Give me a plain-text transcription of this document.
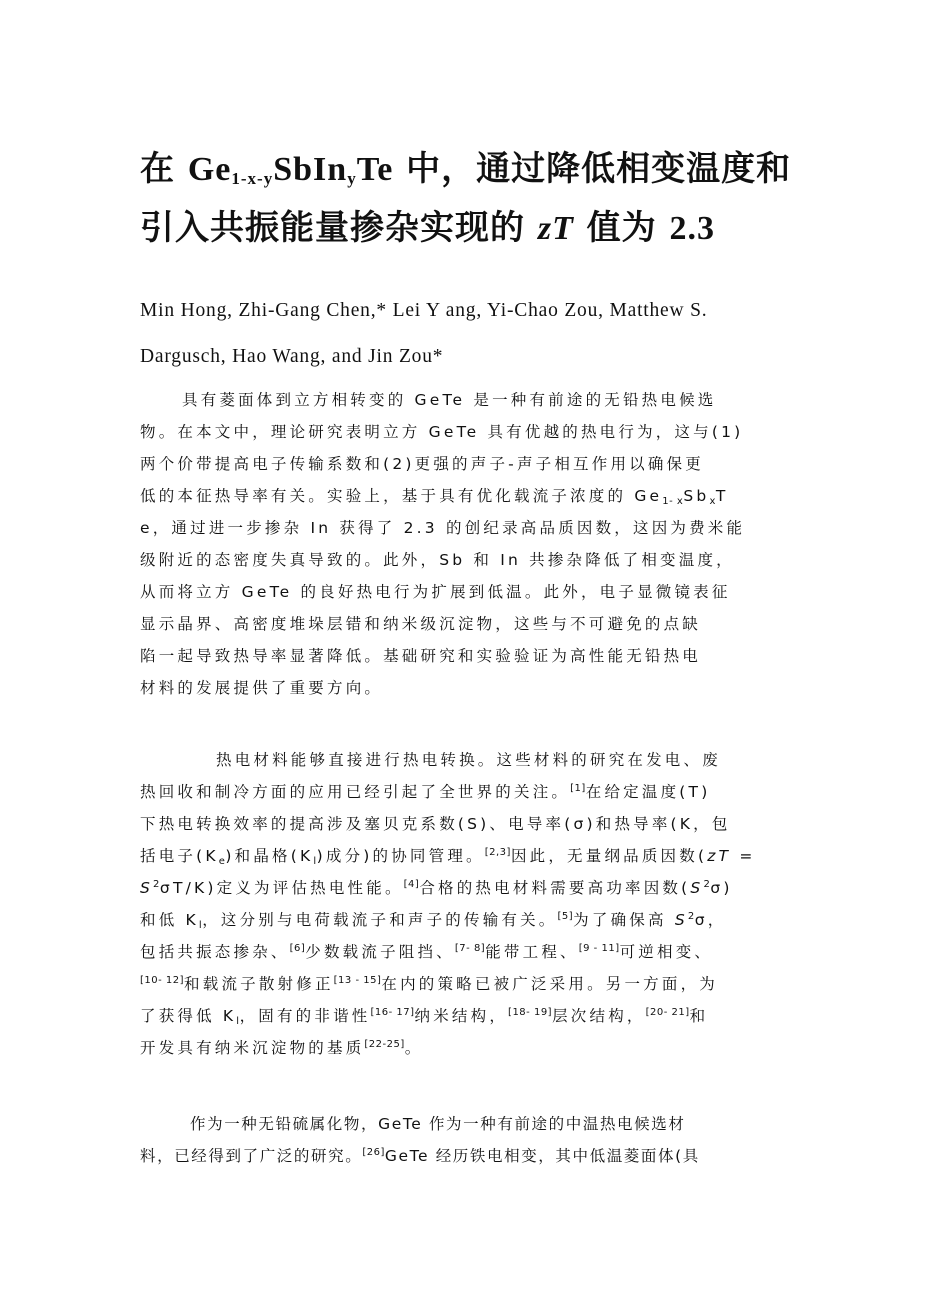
在 $Ge_{1-x-y}SbIn_yTe$ 中，通过降低相变温度和
引入共振能量掺杂实现的 zT 值为 2.3
Min Hong, Zhi-Gang Chen,* Lei Y ang, Yi-Chao Zou, Matthew S.
Dargusch, Hao Wang, and Jin Zou*
具有菱面体到立方相转变的 GeTe 是一种有前途的无铅热电候选
物。在本文中，理论研究表明立方 GeTe 具有优越的热电行为，这与(1)
两个价带提高电子传输系数和(2)更强的声子-声子相互作用以确保更
低的本征热导率有关。实验上，基于具有优化载流子浓度的 $Ge_{1- x}Sb_xT$
e，通过进一步掺杂 In 获得了 2.3 的创纪录高品质因数，这因为费米能
级附近的态密度失真导致的。此外，Sb 和 In 共掺杂降低了相变温度，
从而将立方 GeTe 的良好热电行为扩展到低温。此外，电子显微镜表征
显示晶界、高密度堆垛层错和纳米级沉淀物，这些与不可避免的点缺
陷一起导致热导率显著降低。基础研究和实验验证为高性能无铅热电
材料的发展提供了重要方向。
热电材料能够直接进行热电转换。这些材料的研究在发电、废
热回收和制冷方面的应用已经引起了全世界的关注。[1]在给定温度(T)
下热电转换效率的提高涉及塞贝克系数(S)、电导率(σ)和热导率(K，包
括电子$(K_e)$和晶格$(K_l)$成分)的协同管理。[2,3]因此，无量纲品质因数(zT =
S$^2$σT/K)定义为评估热电性能。[4]合格的热电材料需要高功率因数(S$^2$σ)
和低 $K_l$，这分别与电荷载流子和声子的传输有关。[5]为了确保高 S$^2$σ，
包括共振态掺杂、[6]少数载流子阻挡、[7‑ 8]能带工程、[9 ‑ 11]可逆相变、
[10‑ 12]和载流子散射修正[13 ‑ 15]在内的策略已被广泛采用。另一方面，为
了获得低 $K_l$，固有的非谐性[16‑ 17]纳米结构，[18‑ 19]层次结构，[20‑ 21]和
开发具有纳米沉淀物的基质[22-25]。
作为一种无铅硫属化物，GeTe 作为一种有前途的中温热电候选材
料，已经得到了广泛的研究。[26]GeTe 经历铁电相变，其中低温菱面体(具
